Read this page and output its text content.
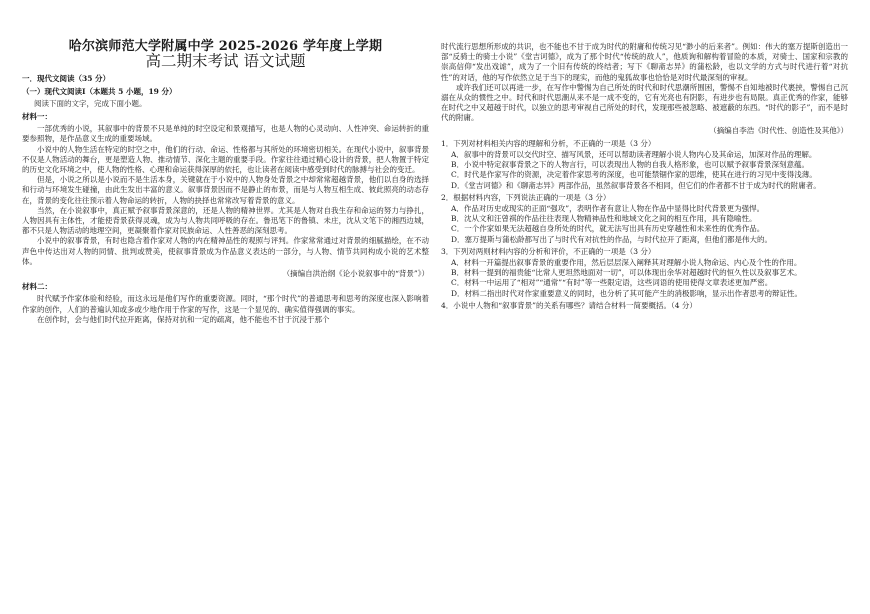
哈尔滨师范大学附属中学 2025-2026 学年度上学期
高二期末考试 语文试题
一．现代文阅读（35 分）
（一）现代文阅读Ⅰ（本题共 5 小题，19 分）
阅读下面的文字，完成下面小题。
材料一：

一部优秀的小说，其叙事中的背景不只是单纯的时空设定和景观描写，也是人物的心灵动向、人性冲突、命运转折的重要参照物，是作品意义生成的重要场域。

小说中的人物生活在特定的时空之中，他们的行动、命运、性格都与其所处的环境密切相关。在现代小说中，叙事背景不仅是人物活动的舞台，更是塑造人物、推动情节、深化主题的重要手段。作家往往通过精心设计的背景，把人物置于特定的历史文化环境之中，使人物的性格、心理和命运获得深厚的依托，也让读者在阅读中感受到时代的脉搏与社会的变迁。

但是，小说之所以是小说而不是生活本身，关键就在于小说中的人物身处背景之中却常常超越背景，他们以自身的选择和行动与环境发生碰撞，由此生发出丰富的意义。叙事背景因而不是静止的布景，而是与人物互相生成、彼此照亮的动态存在，背景的变化往往预示着人物命运的转折，人物的抉择也常常改写着背景的意义。

当然，在小说叙事中，真正赋予叙事背景深意的，还是人物的精神世界。尤其是人物对自我生存和命运的努力与挣扎，人物因具有主体性，才能使背景获得灵魂，成为与人物共同呼吸的存在。鲁迅笔下的鲁镇、未庄，沈从文笔下的湘西边城，都不只是人物活动的地理空间，更凝聚着作家对民族命运、人性善恶的深刻思考。

小说中的叙事背景，有时也隐含着作家对人物的内在精神品性的观照与评判。作家常常通过对背景的细腻描绘，在不动声色中传达出对人物的同情、批判或赞美，使叙事背景成为作品意义表达的一部分，与人物、情节共同构成小说的艺术整体。

（摘编自洪治纲《论小说叙事中的“背景”》）
材料二：

时代赋予作家体验和经验，而这永远是他们写作的重要资源。同时，“那个时代”的普通思考和思考的深度也深入影响着作家的创作，人们的普遍认知或多或少地作用于作家的写作，这是一个显见的、确实值得强调的事实。

在创作时，会与他们时代拉开距离，保持对抗和一定的疏离，他不能也不甘于沉浸于那个

时代流行思想所形成的共识，也不能也不甘于成为时代的附庸和传统习见“渺小的后来者”。例如：伟大的塞万提斯创造出一部“反骑士的骑士小说”《堂吉诃德》，成为了那个时代“传统的敌人”，他质询和解构着冒险的本质，对骑士、国家和宗教的崇高信仰“发出戏谑”，成为了一个旧有传统的终结者；写下《聊斋志异》的蒲松龄，也以文学的方式与时代进行着“对抗性”的对话，他的写作依然立足于当下的现实，而他的鬼狐故事也恰恰是对时代最深刻的审视。

或许我们还可以再进一步，在写作中警惕为自己所处的时代和时代思潮所围困，警惕不自知地被时代裹挟，警惕自己沉溺在从众的惯性之中。时代和时代思潮从来不是一成不变的，它有光亮也有阴影，有进步也有局限。真正优秀的作家，能够在时代之中又超越于时代，以独立的思考审视自己所处的时代，发现那些被忽略、被遮蔽的东西。“时代的影子”，而不是时代的附庸。

（摘编自李浩《时代性、创造性及其他》）
1．下列对材料相关内容的理解和分析，不正确的一项是（3 分）
A．叙事中的背景可以交代时空、描写风景，还可以帮助读者理解小说人物内心及其命运，加深对作品的理解。
B．小说中特定叙事背景之下的人物言行，可以表现出人物的自我人格形象，也可以赋予叙事背景深刻意蕴。
C．时代是作家写作的资源，决定着作家思考的深度，也可能禁锢作家的思维，使其在进行的习见中变得浅薄。
D．《堂吉诃德》和《聊斋志异》两部作品，虽然叙事背景各不相同，但它们的作者都不甘于成为时代的附庸者。
2．根据材料内容，下列说法正确的一项是（3 分）
A．作品对历史或现实的正面“强攻”，表明作者有意让人物在作品中显得比时代背景更为强悍。
B．沈从文和汪曾祺的作品往往表现人物精神品性和地域文化之间的相互作用，具有隐喻性。
C．一个作家如果无法超越自身所处的时代，就无法写出具有历史穿越性和未来性的优秀作品。
D．塞万提斯与蒲松龄都写出了与时代有对抗性的作品，与时代拉开了距离，但他们都是伟大的。
3．下列对两则材料内容的分析和评价，不正确的一项是（3 分）
A．材料一开篇提出叙事背景的重要作用，然后层层深入阐释其对理解小说人物命运、内心及个性的作用。
B．材料一提到的福贵能“比常人更坦然地面对一切”，可以体现出余华对超越时代的恒久性以及叙事艺术。
C．材料一中运用了“相对”“通常”“有时”等一些限定语，这些词语的使用使得文章表述更加严密。
D．材料二指出时代对作家重要意义的同时，也分析了其可能产生的消极影响，显示出作者思考的辩证性。
4．小说中人物和“叙事背景”的关系有哪些？请结合材料一简要概括。（4 分）
